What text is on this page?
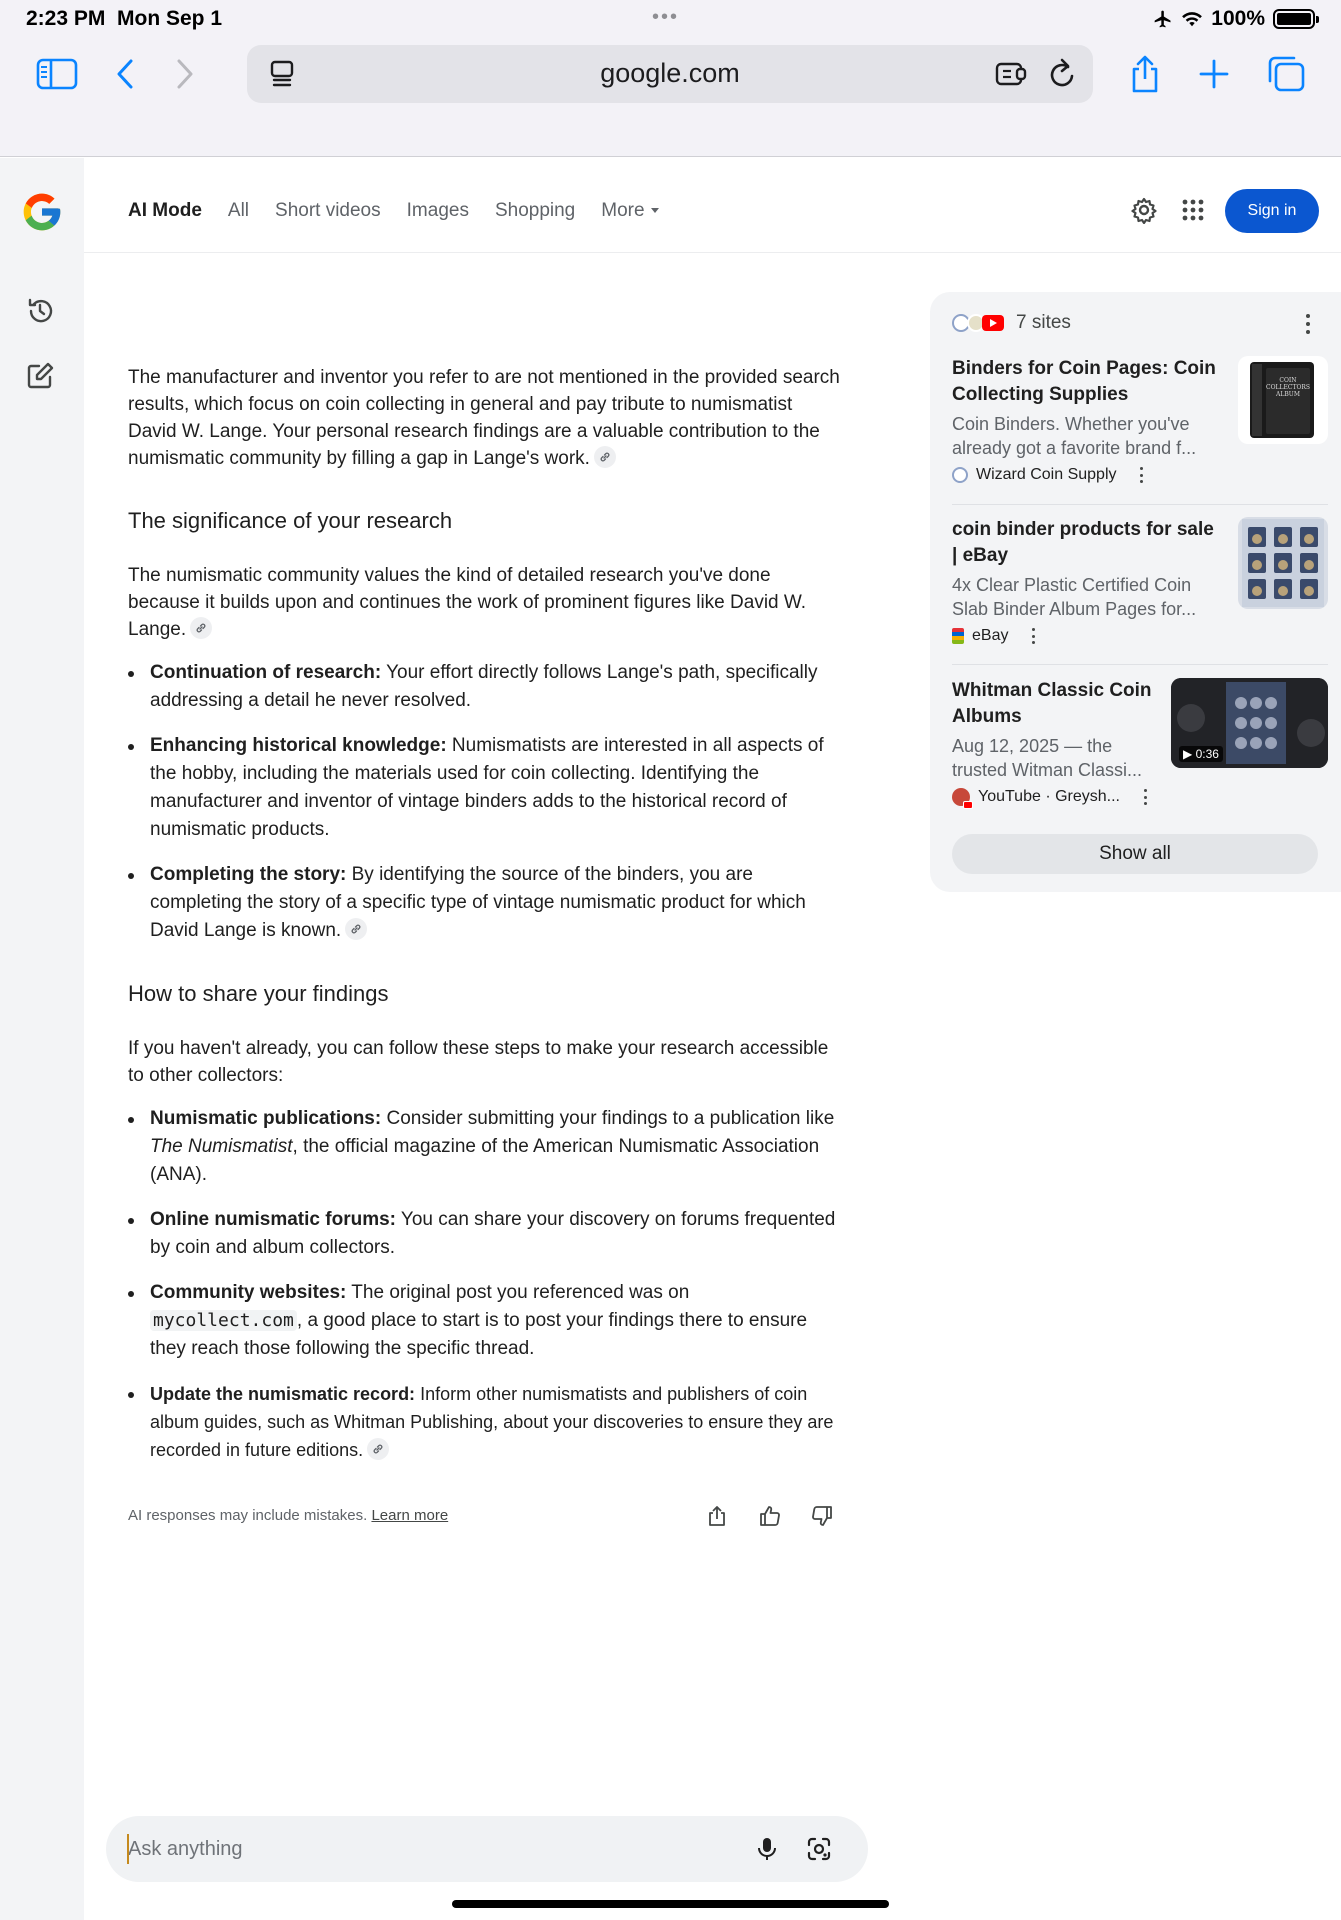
2:23 PM Mon Sep 1	•••	100%
google.com
AI Mode All Short videos Images Shopping More	Sign in

The manufacturer and inventor you refer to are not mentioned in the provided search results, which focus on coin collecting in general and pay tribute to numismatist David W. Lange. Your personal research findings are a valuable contribution to the numismatic community by filling a gap in Lange's work.

The significance of your research

The numismatic community values the kind of detailed research you've done because it builds upon and continues the work of prominent figures like David W. Lange.

Continuation of research: Your effort directly follows Lange's path, specifically addressing a detail he never resolved.
Enhancing historical knowledge: Numismatists are interested in all aspects of the hobby, including the materials used for coin collecting. Identifying the manufacturer and inventor of vintage binders adds to the historical record of numismatic products.
Completing the story: By identifying the source of the binders, you are completing the story of a specific type of vintage numismatic product for which David Lange is known.
How to share your findings

If you haven't already, you can follow these steps to make your research accessible to other collectors:

Numismatic publications: Consider submitting your findings to a publication like The Numismatist, the official magazine of the American Numismatic Association (ANA).
Online numismatic forums: You can share your discovery on forums frequented by coin and album collectors.
Community websites: The original post you referenced was on mycollect.com , a good place to start is to post your findings there to ensure they reach those following the specific thread.
Update the numismatic record: Inform other numismatists and publishers of coin album guides, such as Whitman Publishing, about your discoveries to ensure they are recorded in future editions.
AI responses may include mistakes. Learn more
7 sites
Binders for Coin Pages: Coin Collecting Supplies
Coin Binders. Whether you've already got a favorite brand f...
Wizard Coin Supply
COIN
COLLECTORS
ALBUM
coin binder products for sale | eBay
4x Clear Plastic Certified Coin Slab Binder Album Pages for...
eBay
Whitman Classic Coin Albums
Aug 12, 2025 — the trusted Witman Classi...
YouTube · Greysh...
▶ 0:36
Show all
Ask anything
